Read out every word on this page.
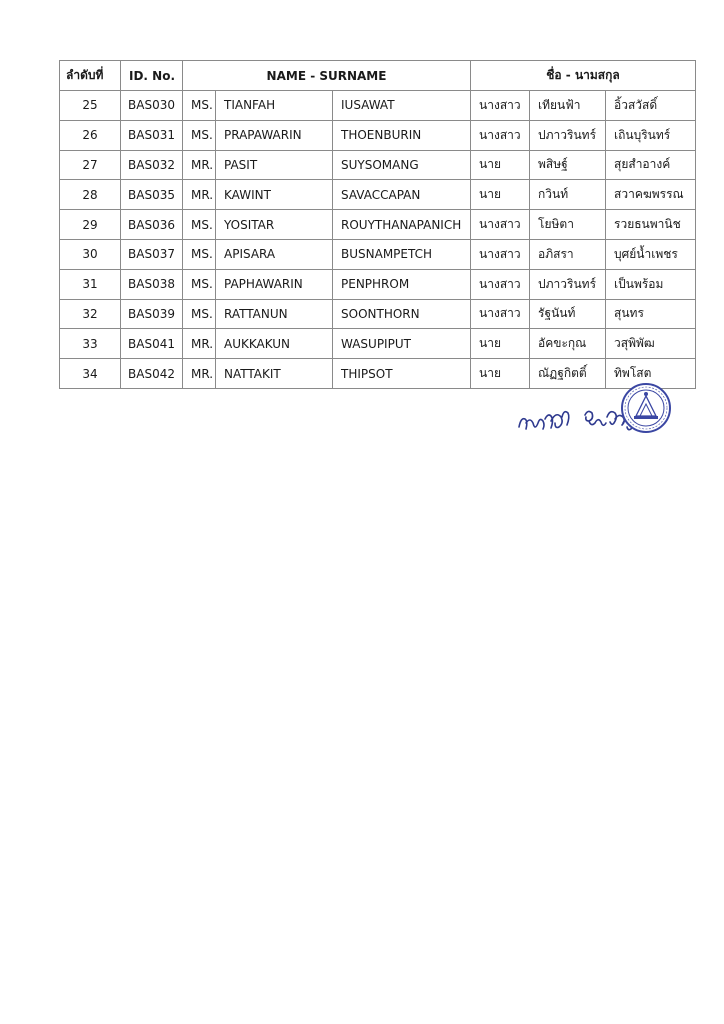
ลำดับที่	ID. No.	NAME - SURNAME			ชื่อ - นามสกุล		
25	BAS030	MS.	TIANFAH	IUSAWAT	นางสาว	เทียนฟ้า	อิ้วสวัสดิ์
26	BAS031	MS.	PRAPAWARIN	THOENBURIN	นางสาว	ปภาวรินทร์	เถินบุรินทร์
27	BAS032	MR.	PASIT	SUYSOMANG	นาย	พสิษฐ์	สุยสำอางค์
28	BAS035	MR.	KAWINT	SAVACCAPAN	นาย	กวินท์	สวาคฆพรรณ
29	BAS036	MS.	YOSITAR	ROUYTHANAPANICH	นางสาว	โยษิตา	รวยธนพานิช
30	BAS037	MS.	APISARA	BUSNAMPETCH	นางสาว	อภิสรา	บุศย์น้ำเพชร
31	BAS038	MS.	PAPHAWARIN	PENPHROM	นางสาว	ปภาวรินทร์	เป็นพร้อม
32	BAS039	MS.	RATTANUN	SOONTHORN	นางสาว	รัฐนันท์	สุนทร
33	BAS041	MR.	AUKKAKUN	WASUPIPUT	นาย	อัคขะกุณ	วสุพิพัฒ
34	BAS042	MR.	NATTAKIT	THIPSOT	นาย	ณัฏฐกิตติ์	ทิพโสต
